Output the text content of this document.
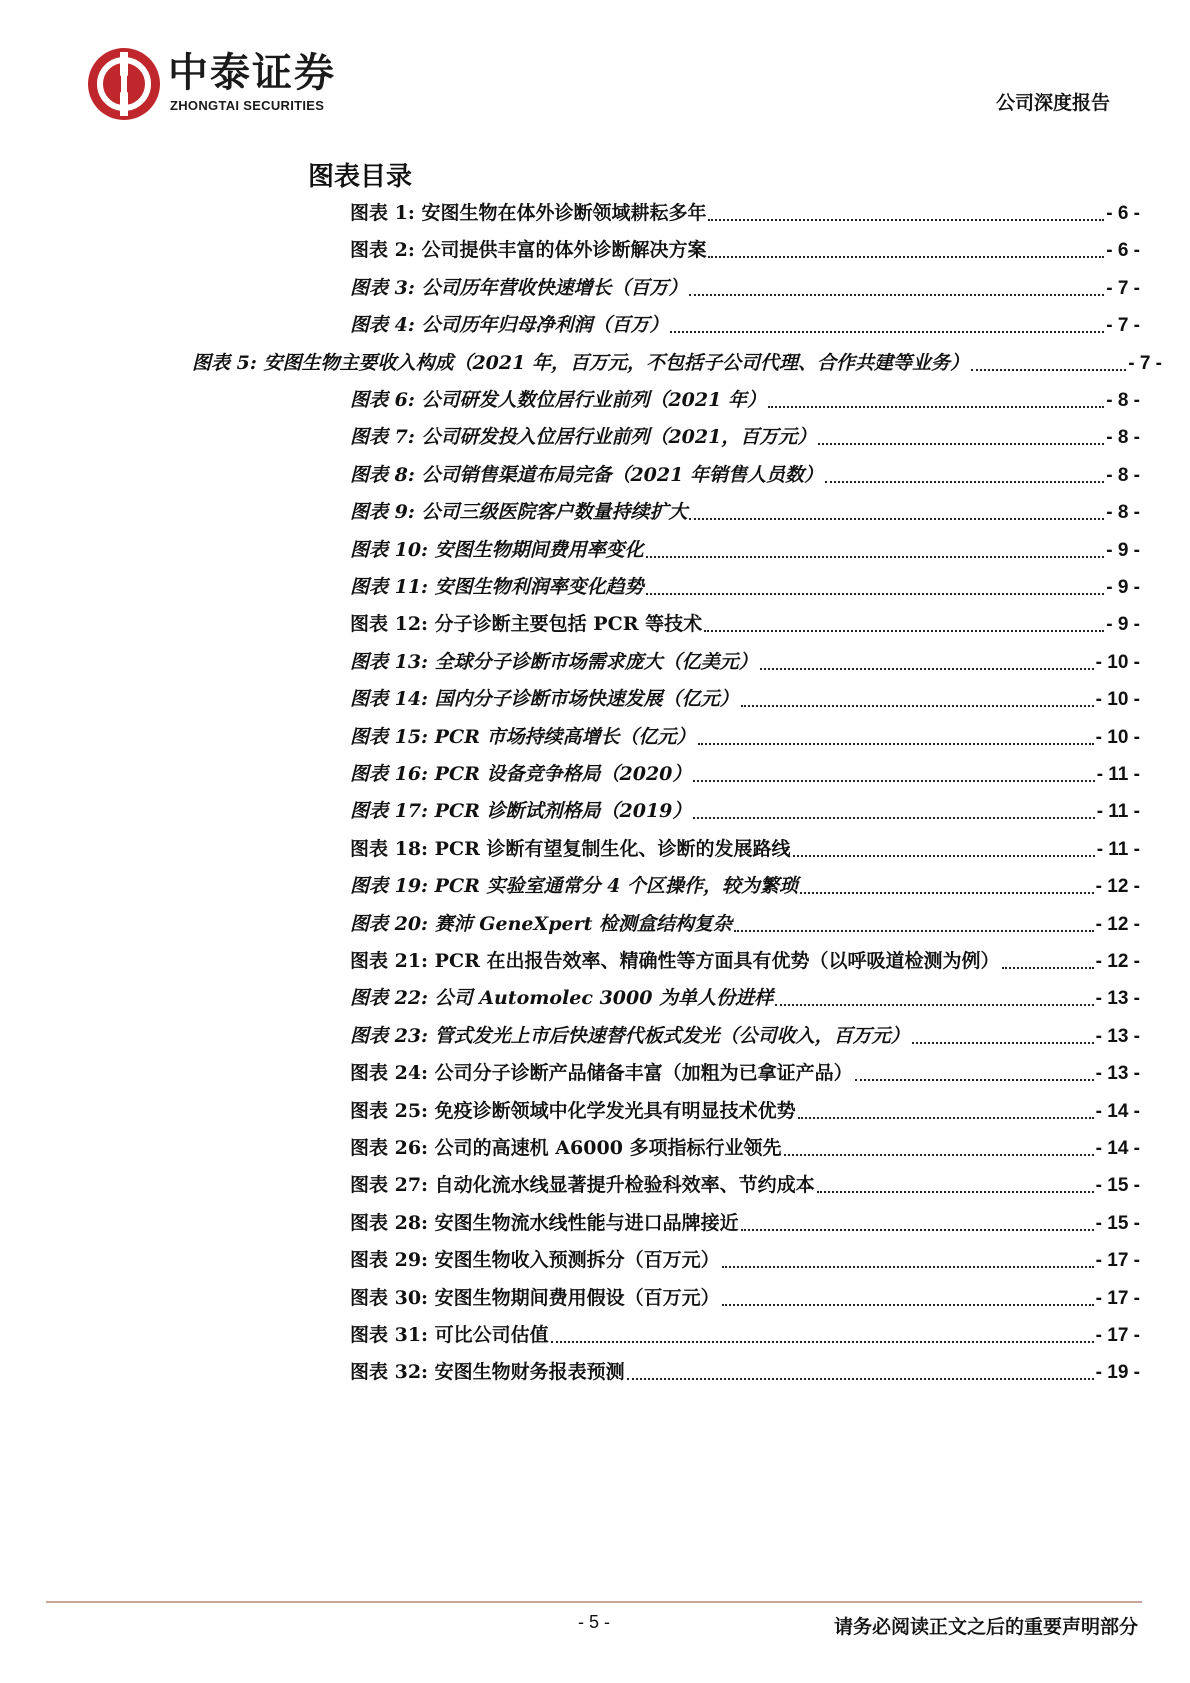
中泰证券
ZHONGTAI SECURITIES	公司深度报告
图表目录
图表 1: 安图生物在体外诊断领域耕耘多年	- 6 -
图表 2: 公司提供丰富的体外诊断解决方案	- 6 -
图表 3: 公司历年营收快速增长（百万）	- 7 -
图表 4: 公司历年归母净利润（百万）	- 7 -
图表 5: 安图生物主要收入构成（2021 年，百万元，不包括子公司代理、合作共建等业务）	- 7 -
图表 6: 公司研发人数位居行业前列（2021 年）	- 8 -
图表 7: 公司研发投入位居行业前列（2021，百万元）	- 8 -
图表 8: 公司销售渠道布局完备（2021 年销售人员数）	- 8 -
图表 9: 公司三级医院客户数量持续扩大	- 8 -
图表 10: 安图生物期间费用率变化	- 9 -
图表 11: 安图生物利润率变化趋势	- 9 -
图表 12: 分子诊断主要包括 PCR 等技术	- 9 -
图表 13: 全球分子诊断市场需求庞大（亿美元）	- 10 -
图表 14: 国内分子诊断市场快速发展（亿元）	- 10 -
图表 15: PCR 市场持续高增长（亿元）	- 10 -
图表 16: PCR 设备竞争格局（2020）	- 11 -
图表 17: PCR 诊断试剂格局（2019）	- 11 -
图表 18: PCR 诊断有望复制生化、诊断的发展路线	- 11 -
图表 19: PCR 实验室通常分 4 个区操作，较为繁琐	- 12 -
图表 20: 赛沛 GeneXpert 检测盒结构复杂	- 12 -
图表 21: PCR 在出报告效率、精确性等方面具有优势（以呼吸道检测为例）	- 12 -
图表 22: 公司 Automolec 3000 为单人份进样	- 13 -
图表 23: 管式发光上市后快速替代板式发光（公司收入，百万元）	- 13 -
图表 24: 公司分子诊断产品储备丰富（加粗为已拿证产品）	- 13 -
图表 25: 免疫诊断领域中化学发光具有明显技术优势	- 14 -
图表 26: 公司的高速机 A6000 多项指标行业领先	- 14 -
图表 27: 自动化流水线显著提升检验科效率、节约成本	- 15 -
图表 28: 安图生物流水线性能与进口品牌接近	- 15 -
图表 29: 安图生物收入预测拆分（百万元）	- 17 -
图表 30: 安图生物期间费用假设（百万元）	- 17 -
图表 31: 可比公司估值	- 17 -
图表 32: 安图生物财务报表预测	- 19 -
- 5 -	请务必阅读正文之后的重要声明部分
